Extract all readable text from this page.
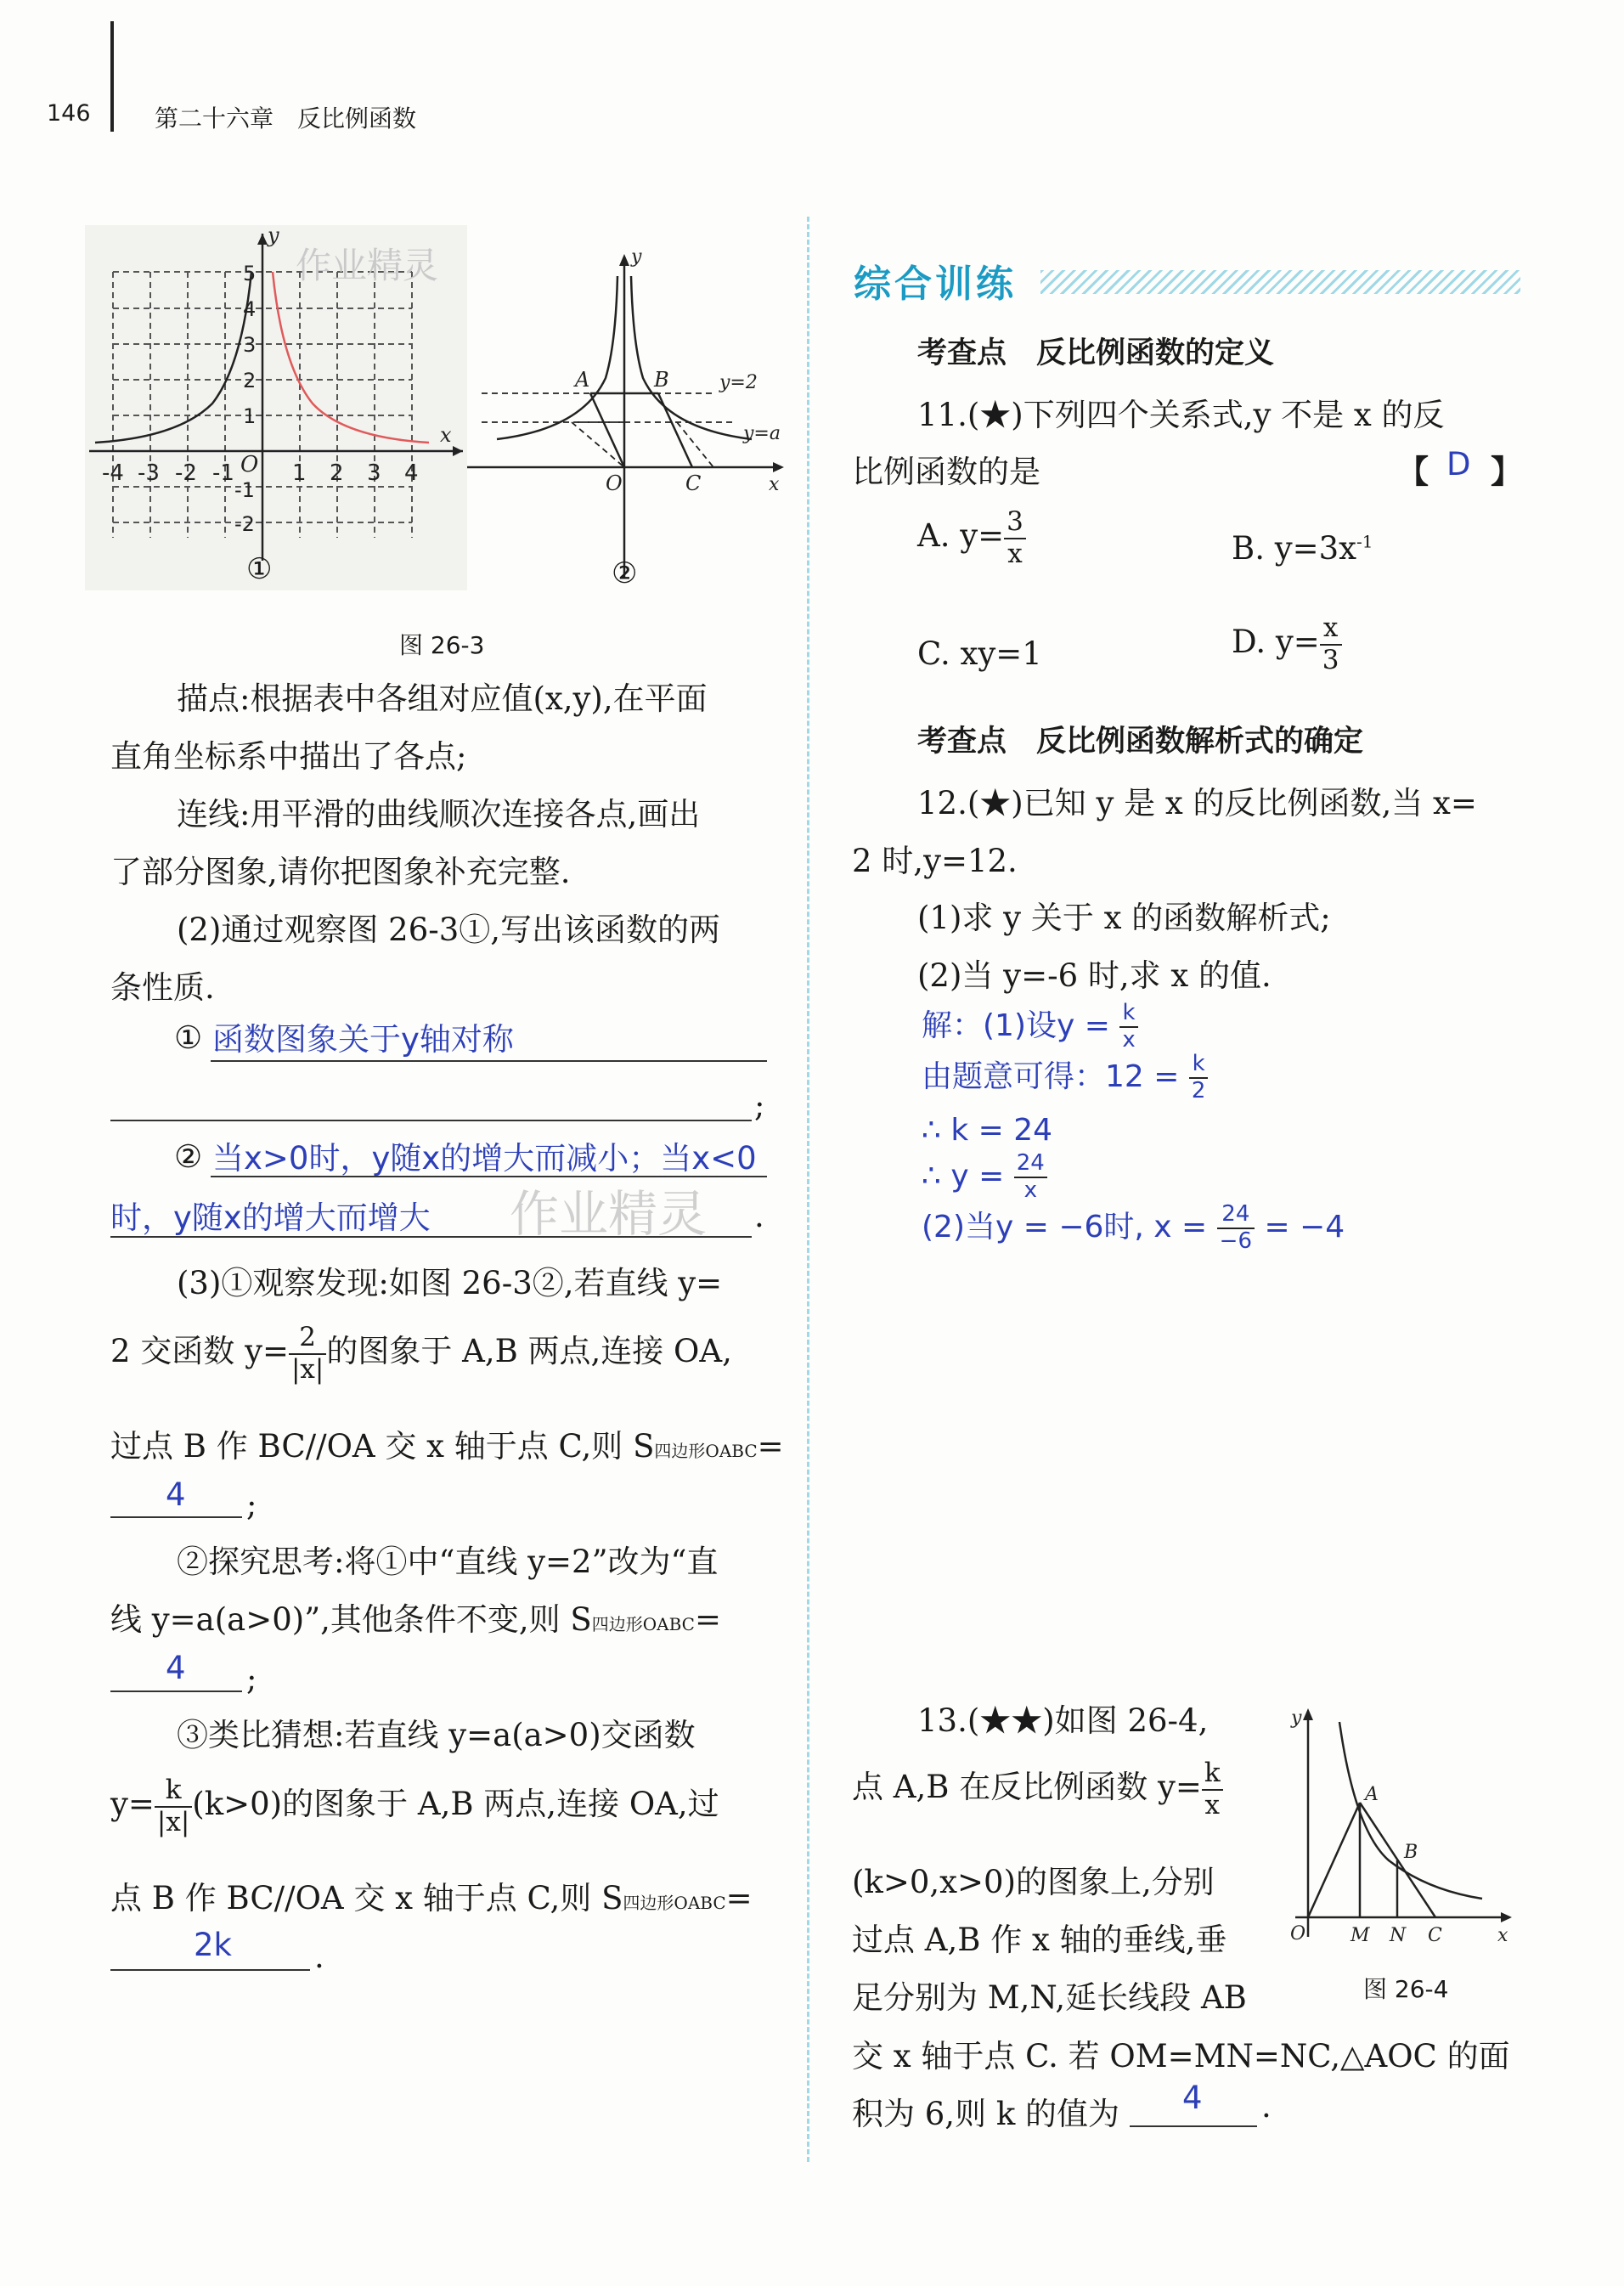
146	第二十六章　反比例函数
y
x
-4 -3 -2 -1 O 1 2 3 4
5
4
3
2
1
-1
-2
作业精灵
①
y
x
A	B
O	C
y=2
y=a
②
图 26-3
描点:根据表中各组对应值(x,y),在平面
直角坐标系中描出了各点;
连线:用平滑的曲线顺次连接各点,画出
了部分图象,请你把图象补充完整.
(2)通过观察图 26-3①,写出该函数的两
条性质.
① 函数图象关于y轴对称
;
② 当x>0时，y随x的增大而减小；当x<0
时，y随x的增大而增大	.
作业精灵
(3)①观察发现:如图 26-3②,若直线 y=
2 交函数 $y= \frac{2}{|x|}$ 的图象于 A,B 两点,连接 OA,
过点 B 作 BC//OA 交 x 轴于点 C,则 S四边形OABC=
4 ;
②探究思考:将①中“直线 y=2”改为“直
线 y=a(a>0)”,其他条件不变,则 S四边形OABC=
4 ;
③类比猜想:若直线 y=a(a>0)交函数
$y= \frac{k}{|x|} (k>0)$的图象于 A,B 两点,连接 OA,过
点 B 作 BC//OA 交 x 轴于点 C,则 S四边形OABC=
2k	.
综合训练
考查点　反比例函数的定义
11.(★)下列四个关系式,y 不是 x 的反
比例函数的是	【 D 】
A. $y= \frac{3}{x}$	B. $y=3x^{-1}$
C. xy=1	D. $y= \frac{x}{3}$
考查点　反比例函数解析式的确定
12.(★)已知 y 是 x 的反比例函数,当 x=
2 时,y=12.
(1)求 y 关于 x 的函数解析式;
(2)当 y=-6 时,求 x 的值.
解：(1)设$y = \frac{k}{x}$
由题意可得：$12 = \frac{k}{2}$
∴ k = 24
∴ $y = \frac{24}{x}$
(2)当y = −6时, $x = \frac{24}{-6} = -4$
13.(★★)如图 26-4,
点 A,B 在反比例函数 $y= \frac{k}{x}$
(k>0,x>0)的图象上,分别
过点 A,B 作 x 轴的垂线,垂
足分别为 M,N,延长线段 AB
交 x 轴于点 C. 若 OM=MN=NC,△AOC 的面
积为 6,则 k 的值为 4 .
y
A
B
O M N C	x
图 26-4
